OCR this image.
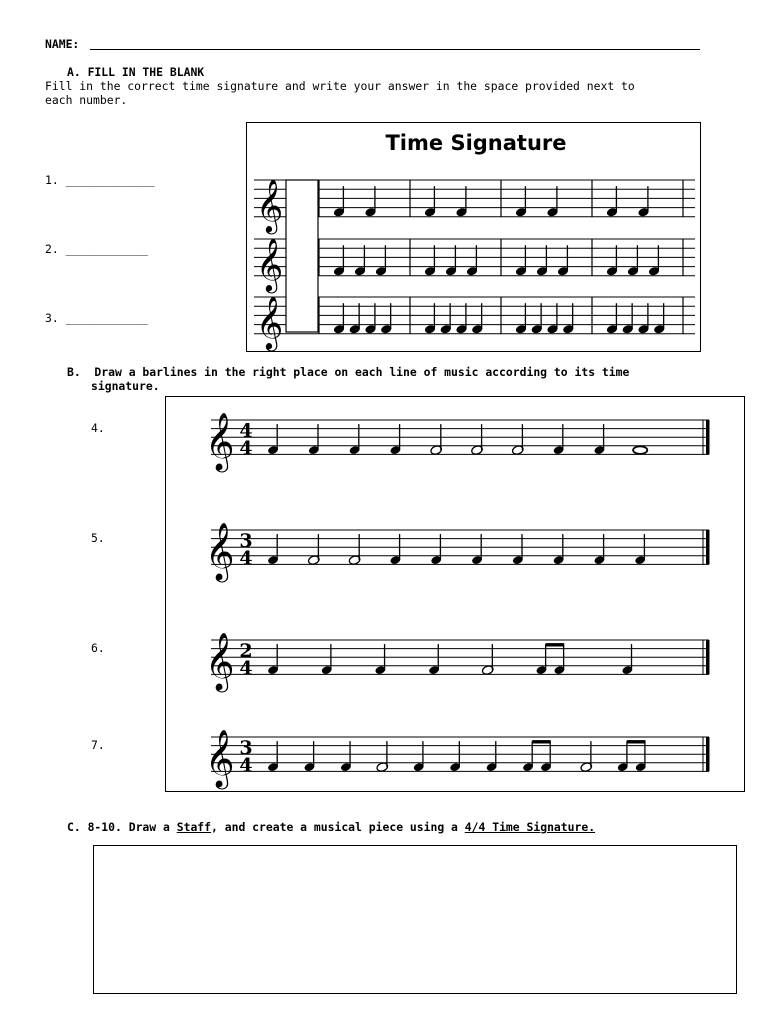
NAME:
A. FILL IN THE BLANK
Fill in the correct time signature and write your answer in the space provided next to
each number.
1. _____________
2. ____________
3. ____________
Time Signature
𝄞
𝄞
𝄞
B.  Draw a barlines in the right place on each line of music according to its time
signature.
4.
5.
6.
7.
𝄞 4
4
𝄞 3
4
𝄞 2
4
𝄞 3
4
C. 8-10. Draw a Staff, and create a musical piece using a 4/4 Time Signature.
